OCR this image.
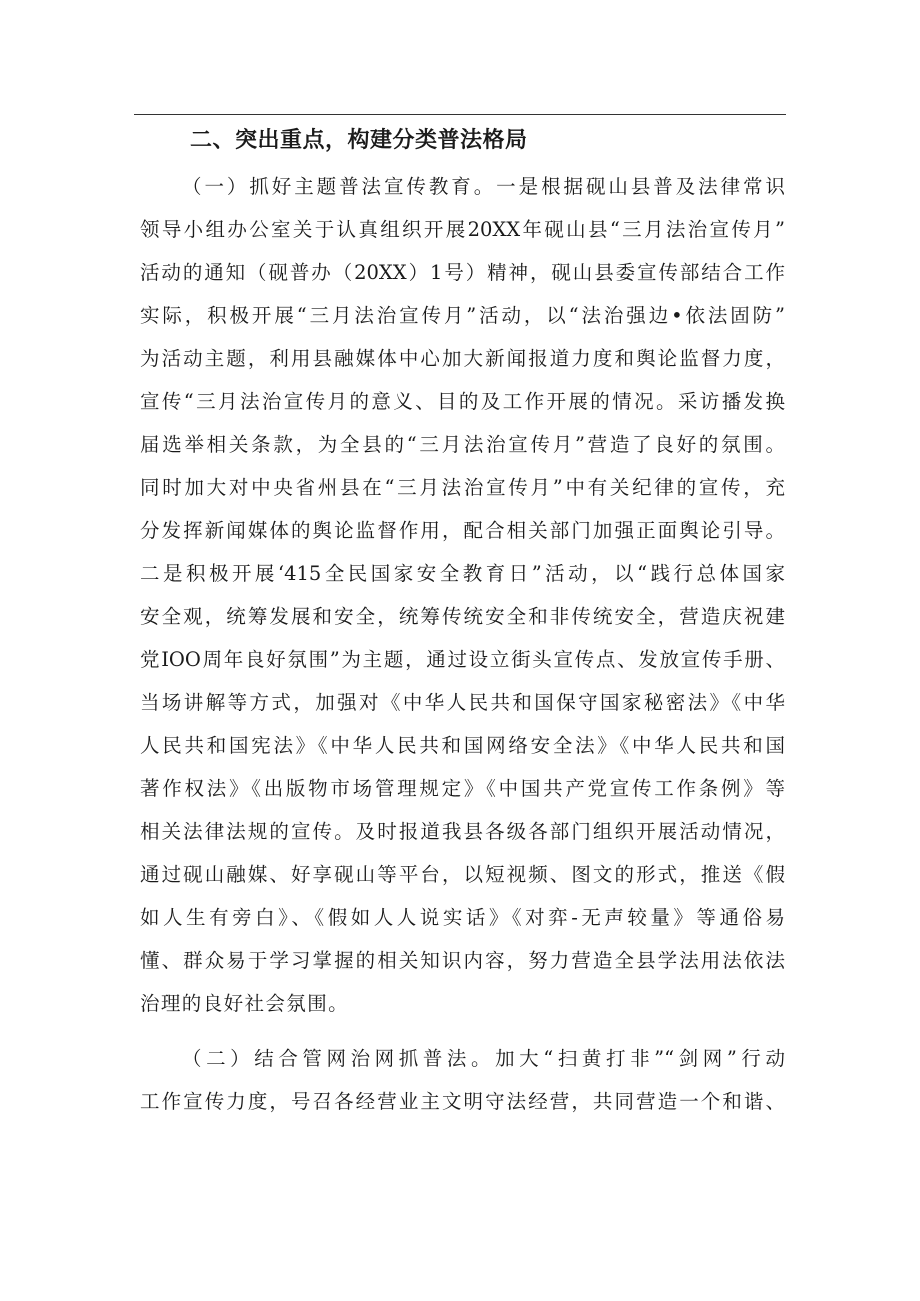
二、突出重点，构建分类普法格局
（一）抓好主题普法宣传教育。一是根据砚山县普及法律常识
领导小组办公室关于认真组织开展20XX年砚山县“三月法治宣传月”
活动的通知（砚普办（20XX）1号）精神，砚山县委宣传部结合工作
实际，积极开展“三月法治宣传月”活动，以“法治强边•依法固防”
为活动主题，利用县融媒体中心加大新闻报道力度和舆论监督力度，
宣传“三月法治宣传月的意义、目的及工作开展的情况。采访播发换
届选举相关条款，为全县的“三月法治宣传月”营造了良好的氛围。
同时加大对中央省州县在“三月法治宣传月”中有关纪律的宣传，充
分发挥新闻媒体的舆论监督作用，配合相关部门加强正面舆论引导。
二是积极开展‘415全民国家安全教育日”活动，以“践行总体国家
安全观，统筹发展和安全，统筹传统安全和非传统安全，营造庆祝建
党IOO周年良好氛围”为主题，通过设立街头宣传点、发放宣传手册、
当场讲解等方式，加强对《中华人民共和国保守国家秘密法》《中华
人民共和国宪法》《中华人民共和国网络安全法》《中华人民共和国
著作权法》《出版物市场管理规定》《中国共产党宣传工作条例》等
相关法律法规的宣传。及时报道我县各级各部门组织开展活动情况，
通过砚山融媒、好享砚山等平台，以短视频、图文的形式，推送《假
如人生有旁白》、《假如人人说实话》《对弈-无声较量》等通俗易
懂、群众易于学习掌握的相关知识内容，努力营造全县学法用法依法
治理的良好社会氛围。
（二）结合管网治网抓普法。加大“扫黄打非”“剑网”行动
工作宣传力度，号召各经营业主文明守法经营，共同营造一个和谐、
